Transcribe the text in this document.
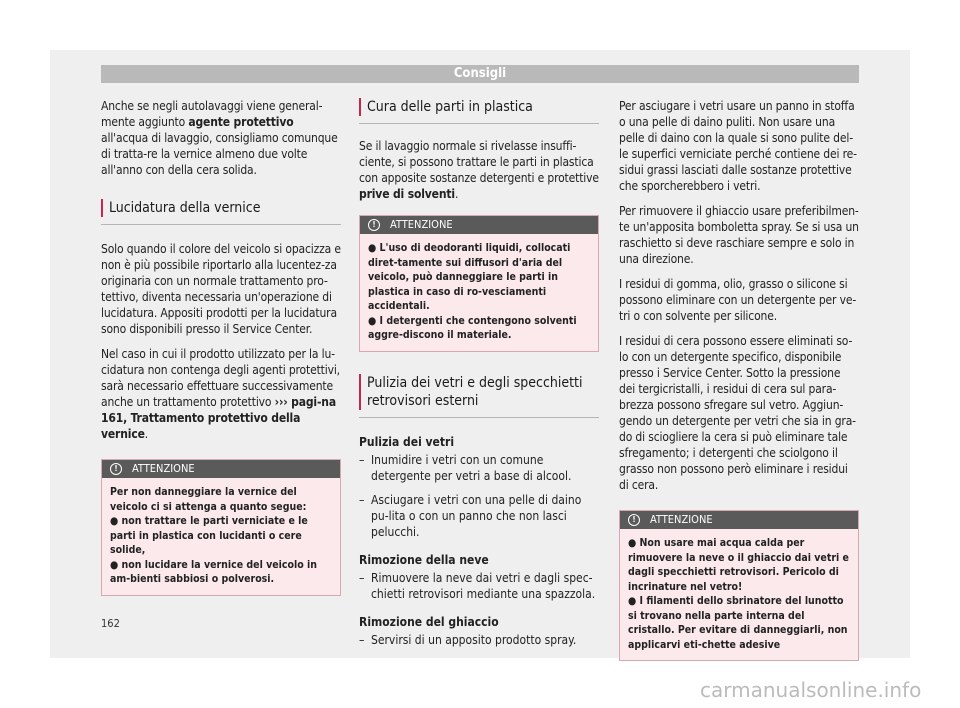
Consigli

Anche se negli autolavaggi viene general-mente aggiunto agente protettivo all'acqua di lavaggio, consigliamo comunque di tratta-re la vernice almeno due volte all'anno con della cera solida.

Lucidatura della vernice

Solo quando il colore del veicolo si opacizza e non è più possibile riportarlo alla lucentez-za originaria con un normale trattamento pro-tettivo, diventa necessaria un'operazione di lucidatura. Appositi prodotti per la lucidatura sono disponibili presso il Service Center.

Nel caso in cui il prodotto utilizzato per la lu-cidatura non contenga degli agenti protettivi, sarà necessario effettuare successivamente anche un trattamento protettivo ››› pagi-na 161, Trattamento protettivo della vernice.

!	ATTENZIONE
Per non danneggiare la vernice del veicolo ci si attenga a quanto segue:
● non trattare le parti verniciate e le parti in plastica con lucidanti o cere solide,
● non lucidare la vernice del veicolo in am-bienti sabbiosi o polverosi.
Cura delle parti in plastica

Se il lavaggio normale si rivelasse insuffi-ciente, si possono trattare le parti in plastica con apposite sostanze detergenti e protettive prive di solventi.

!	ATTENZIONE
● L'uso di deodoranti liquidi, collocati diret-tamente sui diffusori d'aria del veicolo, può danneggiare le parti in plastica in caso di ro-vesciamenti accidentali.
● I detergenti che contengono solventi aggre-discono il materiale.
Pulizia dei vetri e degli specchietti retrovisori esterni
Pulizia dei vetri
– Inumidire i vetri con un comune detergente per vetri a base di alcool.
– Asciugare i vetri con una pelle di daino pu-lita o con un panno che non lasci pelucchi.
Rimozione della neve
– Rimuovere la neve dai vetri e dagli spec-chietti retrovisori mediante una spazzola.
Rimozione del ghiaccio
– Servirsi di un apposito prodotto spray.

Per asciugare i vetri usare un panno in stoffa o una pelle di daino puliti. Non usare una pelle di daino con la quale si sono pulite del-le superfici verniciate perché contiene dei re-sidui grassi lasciati dalle sostanze protettive che sporcherebbero i vetri.

Per rimuovere il ghiaccio usare preferibilmen-te un'apposita bomboletta spray. Se si usa un raschietto si deve raschiare sempre e solo in una direzione.

I residui di gomma, olio, grasso o silicone si possono eliminare con un detergente per ve-tri o con solvente per silicone.

I residui di cera possono essere eliminati so-lo con un detergente specifico, disponibile presso i Service Center. Sotto la pressione dei tergicristalli, i residui di cera sul para-brezza possono sfregare sul vetro. Aggiun-gendo un detergente per vetri che sia in gra-do di sciogliere la cera si può eliminare tale sfregamento; i detergenti che sciolgono il grasso non possono però eliminare i residui di cera.

!	ATTENZIONE
● Non usare mai acqua calda per rimuovere la neve o il ghiaccio dai vetri e dagli specchietti retrovisori. Pericolo di incrinature nel vetro!
● I filamenti dello sbrinatore del lunotto si trovano nella parte interna del cristallo. Per evitare di danneggiarli, non applicarvi eti-chette adesive
162
carmanualsonline.info
